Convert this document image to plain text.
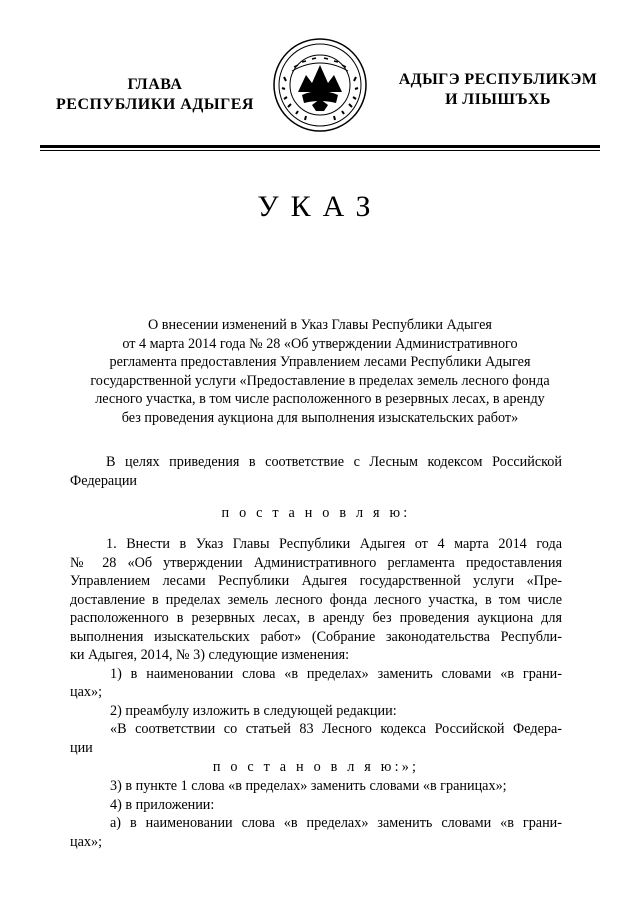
ГЛАВА
РЕСПУБЛИКИ АДЫГЕЯ
АДЫГЭ РЕСПУБЛИКЭМ
И ЛІЫШЪХЬ
УКАЗ
О внесении изменений в Указ Главы Республики Адыгея
от 4 марта 2014 года № 28 «Об утверждении Административного
регламента предоставления Управлением лесами Республики Адыгея
государственной услуги «Предоставление в пределах земель лесного фонда
лесного участка, в том числе расположенного в резервных лесах, в аренду
без проведения аукциона для выполнения изыскательских работ»
В целях приведения в соответствие с Лесным кодексом Российской
Федерации
п о с т а н о в л я ю:
1. Внести в Указ Главы Республики Адыгея от 4 марта 2014 года
№ 28 «Об утверждении Административного регламента предоставления
Управлением лесами Республики Адыгея государственной услуги «Пре-
доставление в пределах земель лесного фонда лесного участка, в том числе
расположенного в резервных лесах, в аренду без проведения аукциона для
выполнения изыскательских работ» (Собрание законодательства Республи-
ки Адыгея, 2014, № 3) следующие изменения:
1) в наименовании слова «в пределах» заменить словами «в грани-
цах»;
2) преамбулу изложить в следующей редакции:
«В соответствии со статьей 83 Лесного кодекса Российской Федера-
ции
п о с т а н о в л я ю:»;
3) в пункте 1 слова «в пределах» заменить словами «в границах»;
4) в приложении:
а) в наименовании слова «в пределах» заменить словами «в грани-
цах»;
